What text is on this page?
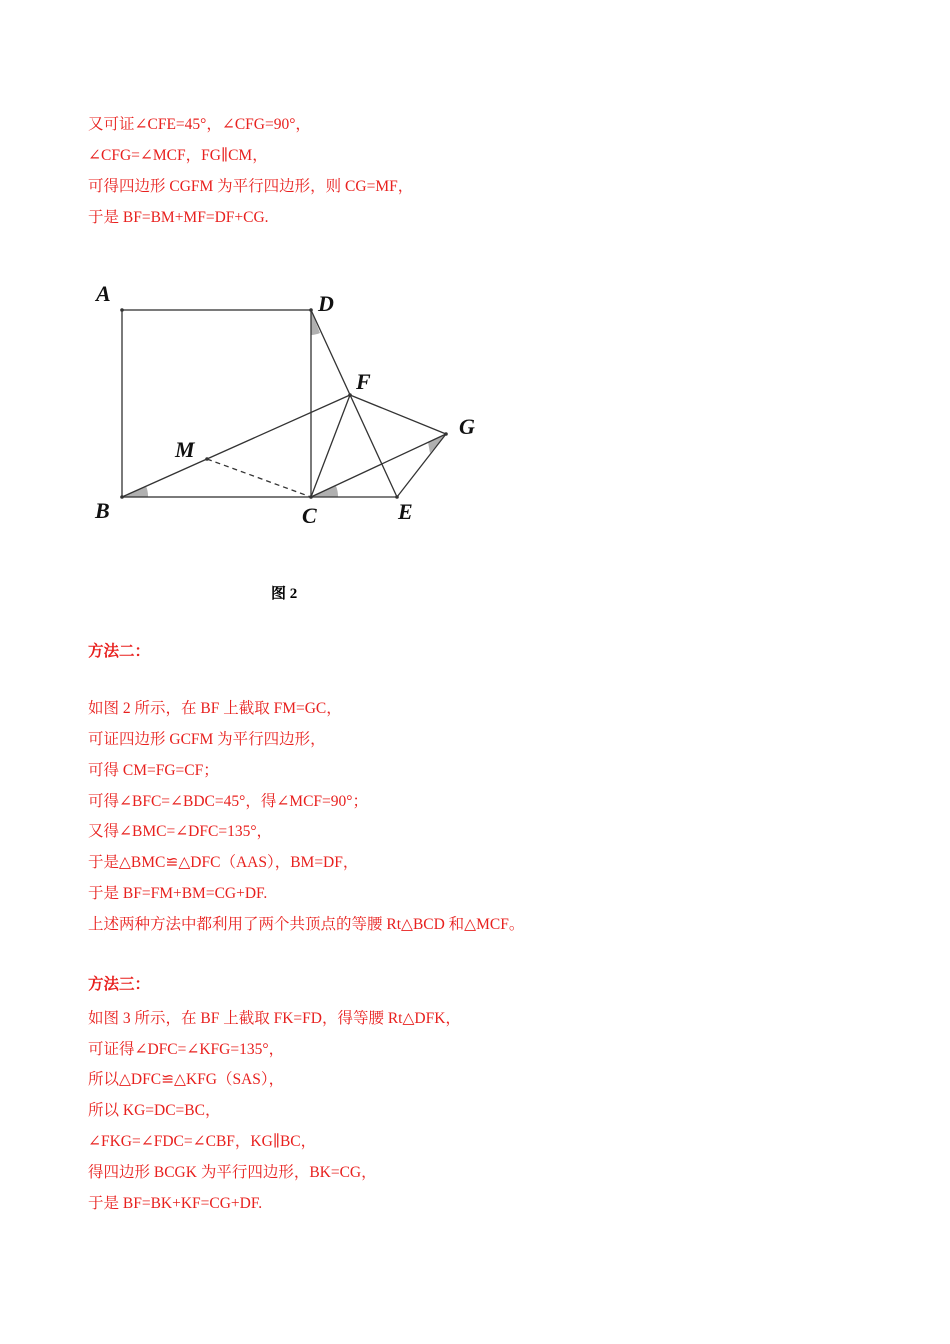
又可证∠CFE=45°，∠CFG=90°，
∠CFG=∠MCF，FG∥CM，
可得四边形 CGFM 为平行四边形，则 CG=MF，
于是 BF=BM+MF=DF+CG.
A	D
F
G
M
B	C	E
图 2
方法二：
如图 2 所示，在 BF 上截取 FM=GC，
可证四边形 GCFM 为平行四边形，
可得 CM=FG=CF；
可得∠BFC=∠BDC=45°，得∠MCF=90°；
又得∠BMC=∠DFC=135°，
于是△BMC≌△DFC（AAS），BM=DF，
于是 BF=FM+BM=CG+DF.
上述两种方法中都利用了两个共顶点的等腰 Rt△BCD 和△MCF。
方法三：
如图 3 所示，在 BF 上截取 FK=FD，得等腰 Rt△DFK，
可证得∠DFC=∠KFG=135°，
所以△DFC≌△KFG（SAS），
所以 KG=DC=BC，
∠FKG=∠FDC=∠CBF，KG∥BC，
得四边形 BCGK 为平行四边形，BK=CG，
于是 BF=BK+KF=CG+DF.
